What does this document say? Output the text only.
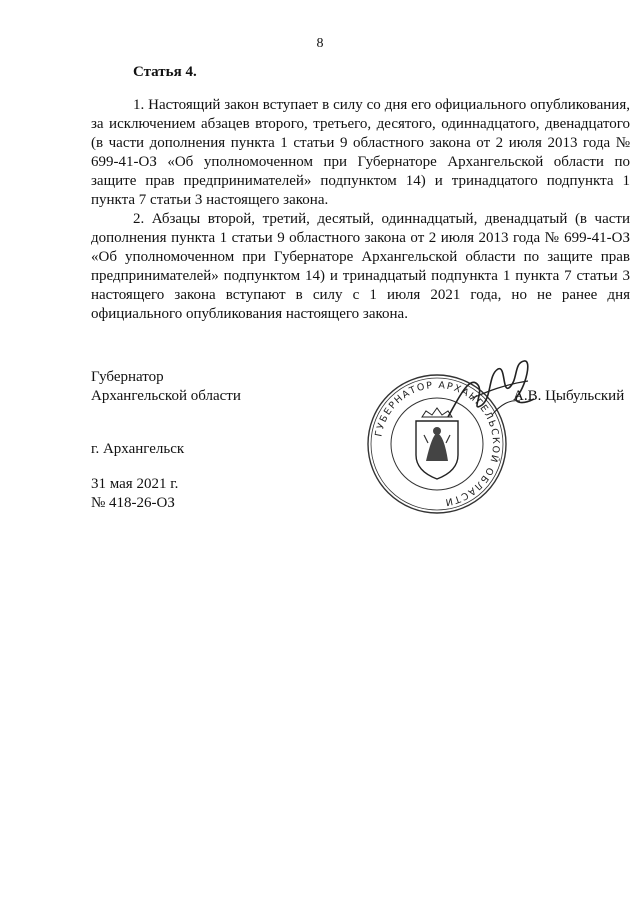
8
Статья 4.

1. Настоящий закон вступает в силу со дня его официального опубликования, за исключением абзацев второго, третьего, десятого, одиннадцатого, двенадцатого (в части дополнения пункта 1 статьи 9 областного закона от 2 июля 2013 года № 699-41-ОЗ «Об уполномоченном при Губернаторе Архангельской области по защите прав предпринимателей» подпунктом 14) и тринадцатого подпункта 1 пункта 7 статьи 3 настоящего закона.

2. Абзацы второй, третий, десятый, одиннадцатый, двенадцатый (в части дополнения пункта 1 статьи 9 областного закона от 2 июля 2013 года № 699-41-ОЗ «Об уполномоченном при Губернаторе Архангельской области по защите прав предпринимателей» подпунктом 14) и тринадцатый подпункта 1 пункта 7 статьи 3 настоящего закона вступают в силу с 1 июля 2021 года, но не ранее дня официального опубликования настоящего закона.

Губернатор
Архангельской области
ГУБЕРНАТОР АРХАНГЕЛЬСКОЙ ОБЛАСТИ
А.В. Цыбульский
г. Архангельск
31 мая 2021 г.
№ 418-26-ОЗ
